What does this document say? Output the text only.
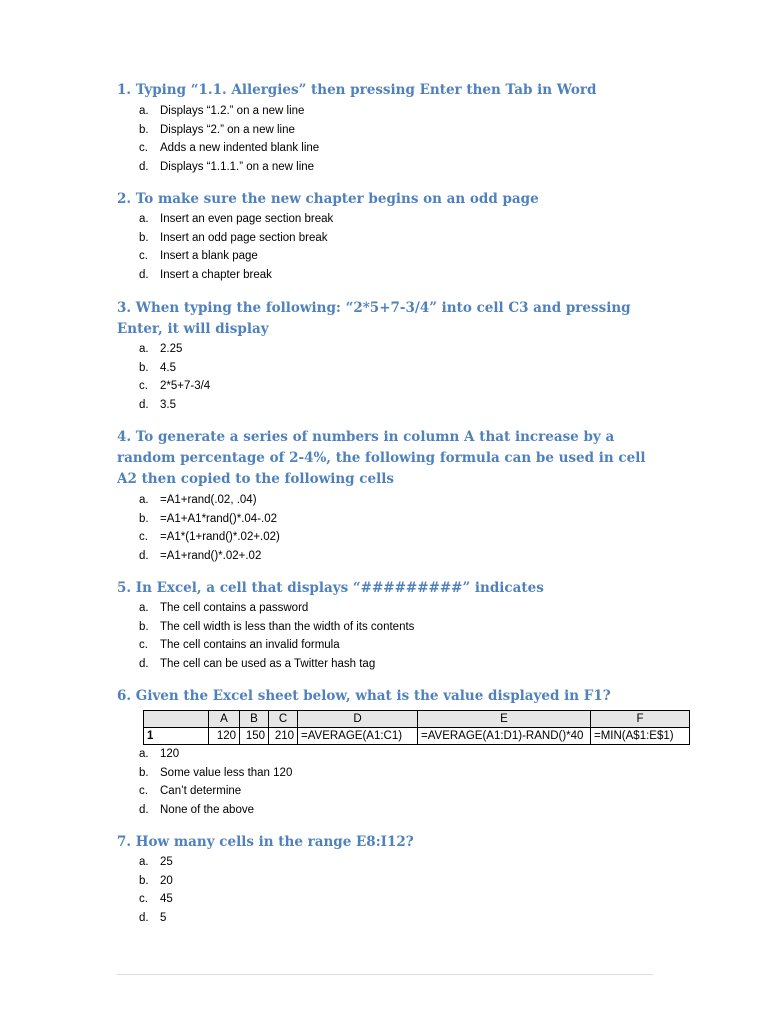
1. Typing “1.1. Allergies” then pressing Enter then Tab in Word
a. Displays “1.2.” on a new line
b. Displays “2.” on a new line
c. Adds a new indented blank line
d. Displays “1.1.1.” on a new line
2. To make sure the new chapter begins on an odd page
a. Insert an even page section break
b. Insert an odd page section break
c. Insert a blank page
d. Insert a chapter break
3. When typing the following: “2*5+7-3/4” into cell C3 and pressing Enter, it will display
a. 2.25
b. 4.5
c. 2*5+7-3/4
d. 3.5
4. To generate a series of numbers in column A that increase by a random percentage of 2-4%, the following formula can be used in cell A2 then copied to the following cells
a. =A1+rand(.02, .04)
b. =A1+A1*rand()*.04-.02
c. =A1*(1+rand()*.02+.02)
d. =A1+rand()*.02+.02
5. In Excel, a cell that displays “#########” indicates
a. The cell contains a password
b. The cell width is less than the width of its contents
c. The cell contains an invalid formula
d. The cell can be used as a Twitter hash tag
6. Given the Excel sheet below, what is the value displayed in F1?
	A	B	C	D	E	F
1	120	150	210	=AVERAGE(A1:C1)	=AVERAGE(A1:D1)-RAND()*40	=MIN(A$1:E$1)
a. 120
b. Some value less than 120
c. Can’t determine
d. None of the above
7. How many cells in the range E8:I12?
a. 25
b. 20
c. 45
d. 5
